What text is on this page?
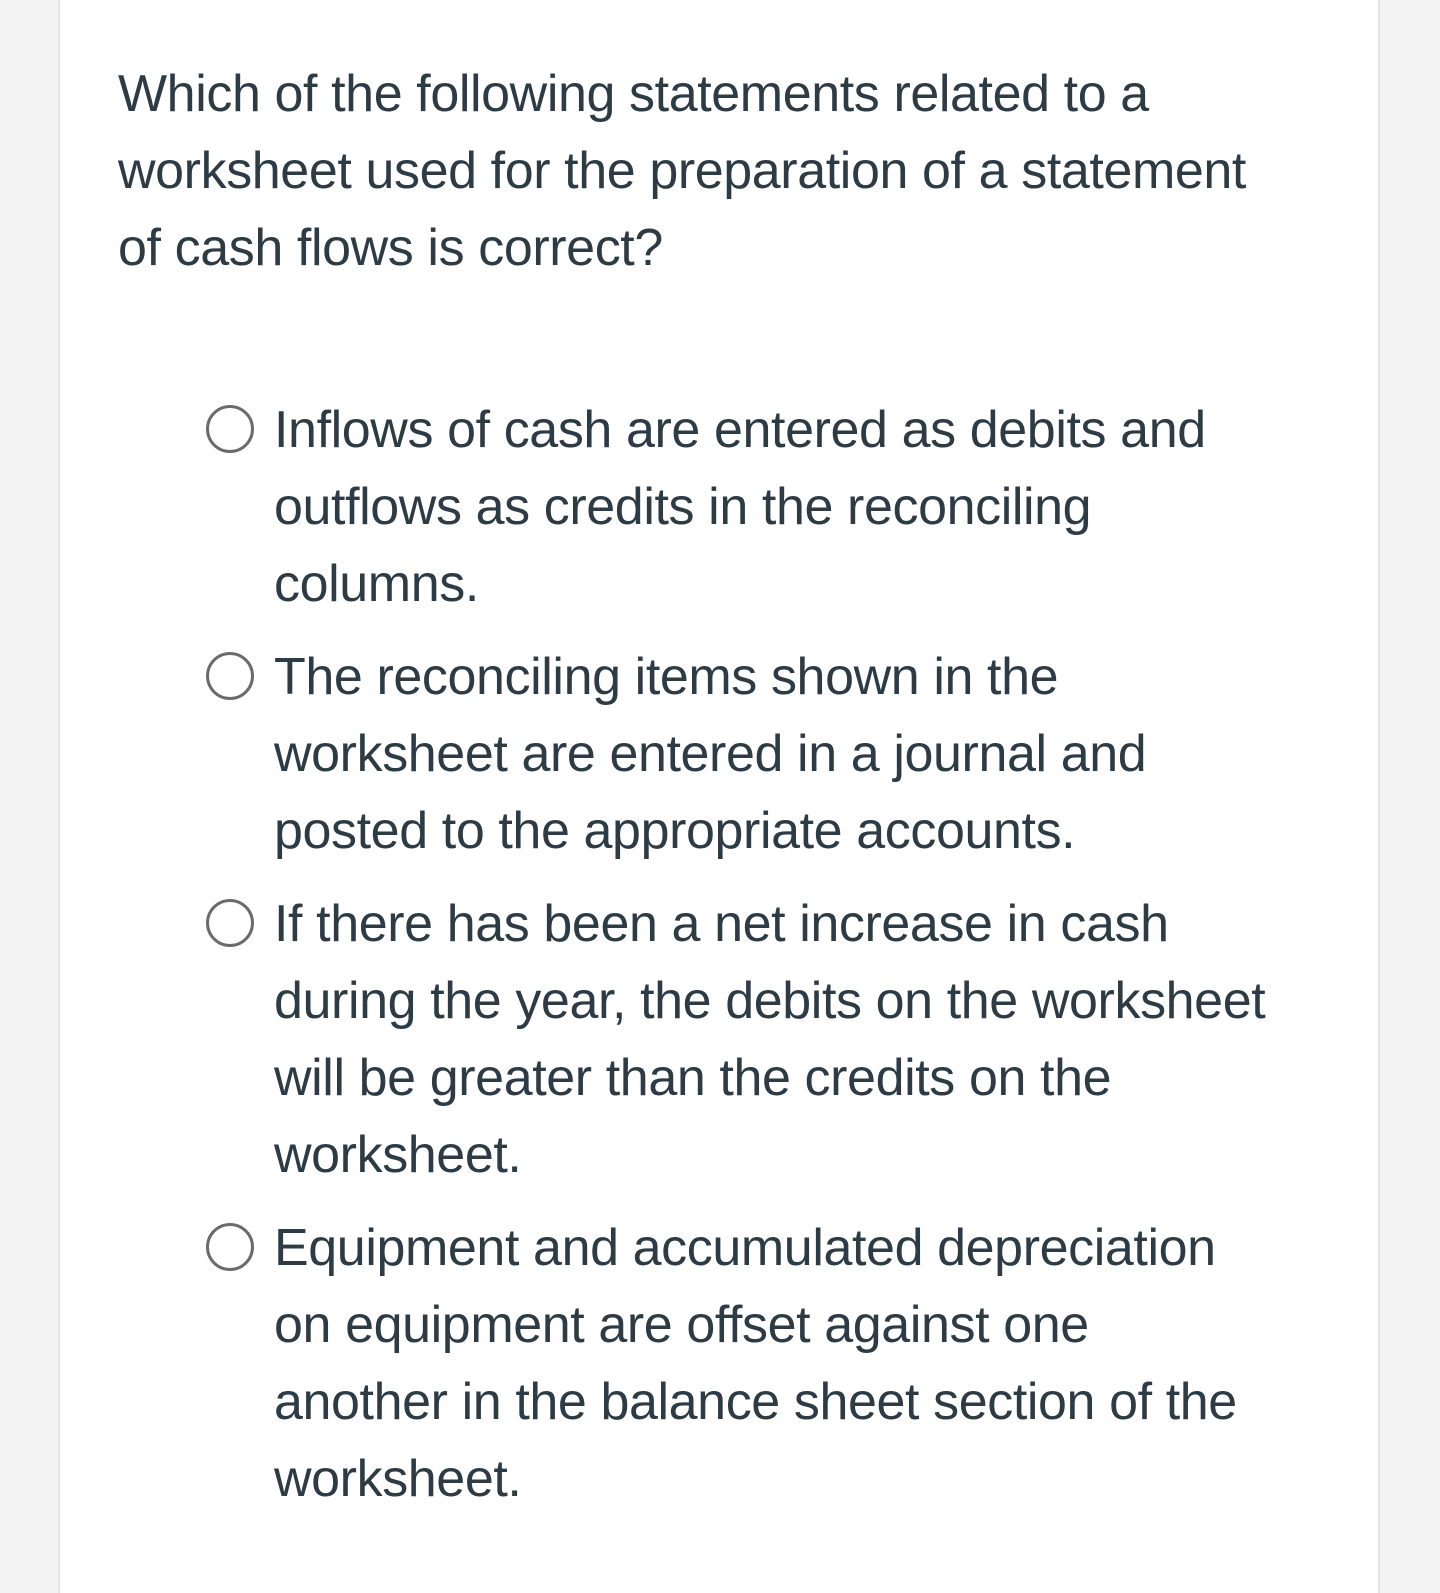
Which of the following statements related to a worksheet used for the preparation of a statement of cash flows is correct?

Inflows of cash are entered as debits and outflows as credits in the reconciling columns.
The reconciling items shown in the worksheet are entered in a journal and posted to the appropriate accounts.
If there has been a net increase in cash during the year, the debits on the worksheet will be greater than the credits on the worksheet.
Equipment and accumulated depreciation on equipment are offset against one another in the balance sheet section of the worksheet.
